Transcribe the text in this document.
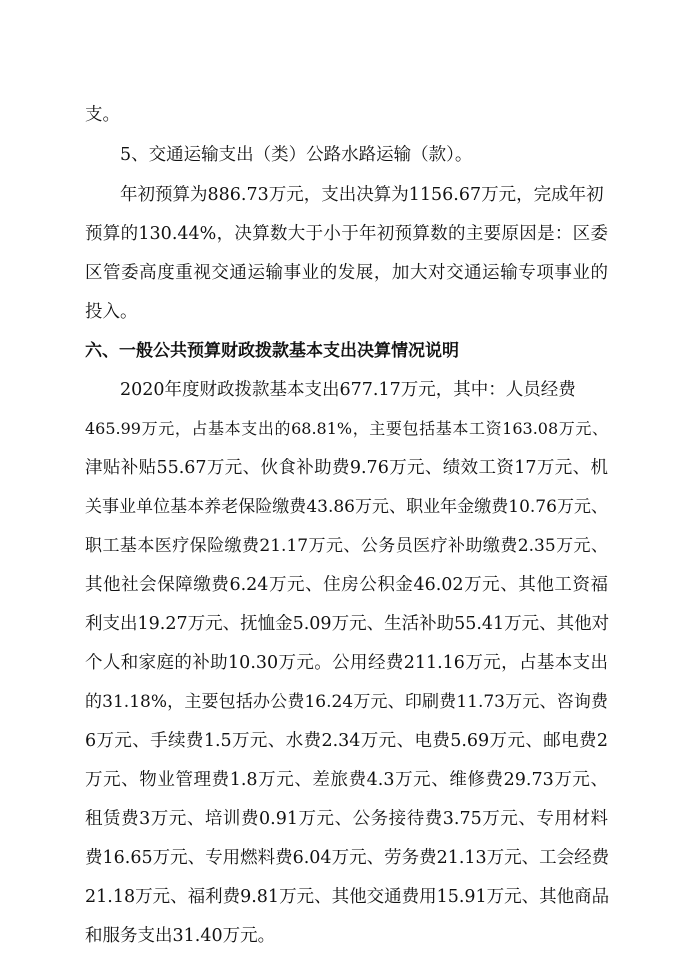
支。
5、交通运输支出（类）公路水路运输（款）。
年初预算为886.73万元，支出决算为1156.67万元，完成年初
预算的130.44%，决算数大于小于年初预算数的主要原因是：区委
区管委高度重视交通运输事业的发展，加大对交通运输专项事业的
投入。
六、一般公共预算财政拨款基本支出决算情况说明
2020年度财政拨款基本支出677.17万元，其中：人员经费
465.99万元，占基本支出的68.81%，主要包括基本工资163.08万元、
津贴补贴55.67万元、伙食补助费9.76万元、绩效工资17万元、机
关事业单位基本养老保险缴费43.86万元、职业年金缴费10.76万元、
职工基本医疗保险缴费21.17万元、公务员医疗补助缴费2.35万元、
其他社会保障缴费6.24万元、住房公积金46.02万元、其他工资福
利支出19.27万元、抚恤金5.09万元、生活补助55.41万元、其他对
个人和家庭的补助10.30万元。公用经费211.16万元，占基本支出
的31.18%，主要包括办公费16.24万元、印刷费11.73万元、咨询费
6万元、手续费1.5万元、水费2.34万元、电费5.69万元、邮电费2
万元、物业管理费1.8万元、差旅费4.3万元、维修费29.73万元、
租赁费3万元、培训费0.91万元、公务接待费3.75万元、专用材料
费16.65万元、专用燃料费6.04万元、劳务费21.13万元、工会经费
21.18万元、福利费9.81万元、其他交通费用15.91万元、其他商品
和服务支出31.40万元。
